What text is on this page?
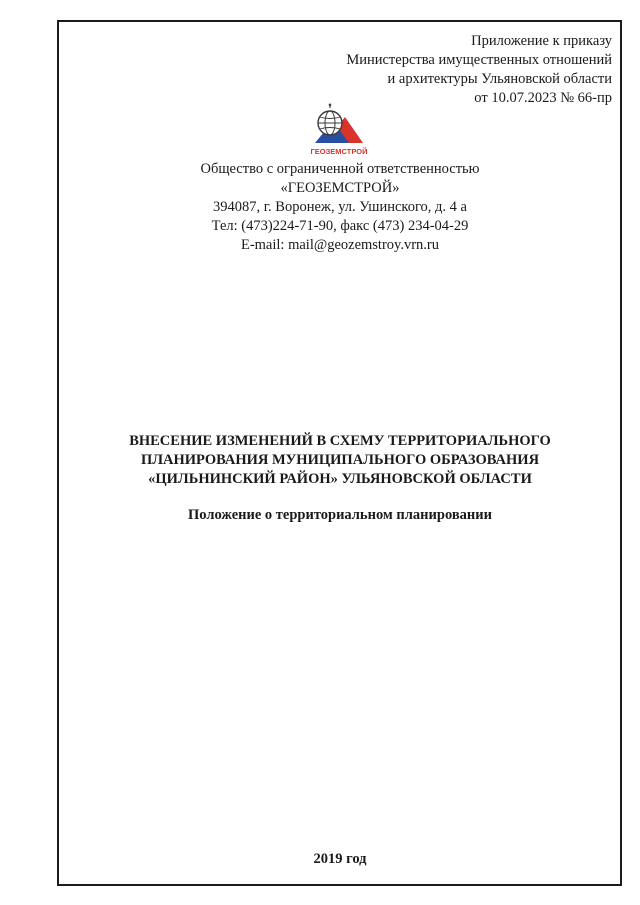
Приложение к приказу
Министерства имущественных отношений
и архитектуры Ульяновской области
от 10.07.2023 № 66-пр
ГЕОЗЕМСТРОЙ
Общество с ограниченной ответственностью
«ГЕОЗЕМСТРОЙ»
394087, г. Воронеж, ул. Ушинского, д. 4 а
Тел: (473)224-71-90, факс (473) 234-04-29
E-mail: mail@geozemstroy.vrn.ru
ВНЕСЕНИЕ ИЗМЕНЕНИЙ В СХЕМУ ТЕРРИТОРИАЛЬНОГО
ПЛАНИРОВАНИЯ МУНИЦИПАЛЬНОГО ОБРАЗОВАНИЯ
«ЦИЛЬНИНСКИЙ РАЙОН» УЛЬЯНОВСКОЙ ОБЛАСТИ
Положение о территориальном планировании
2019 год
